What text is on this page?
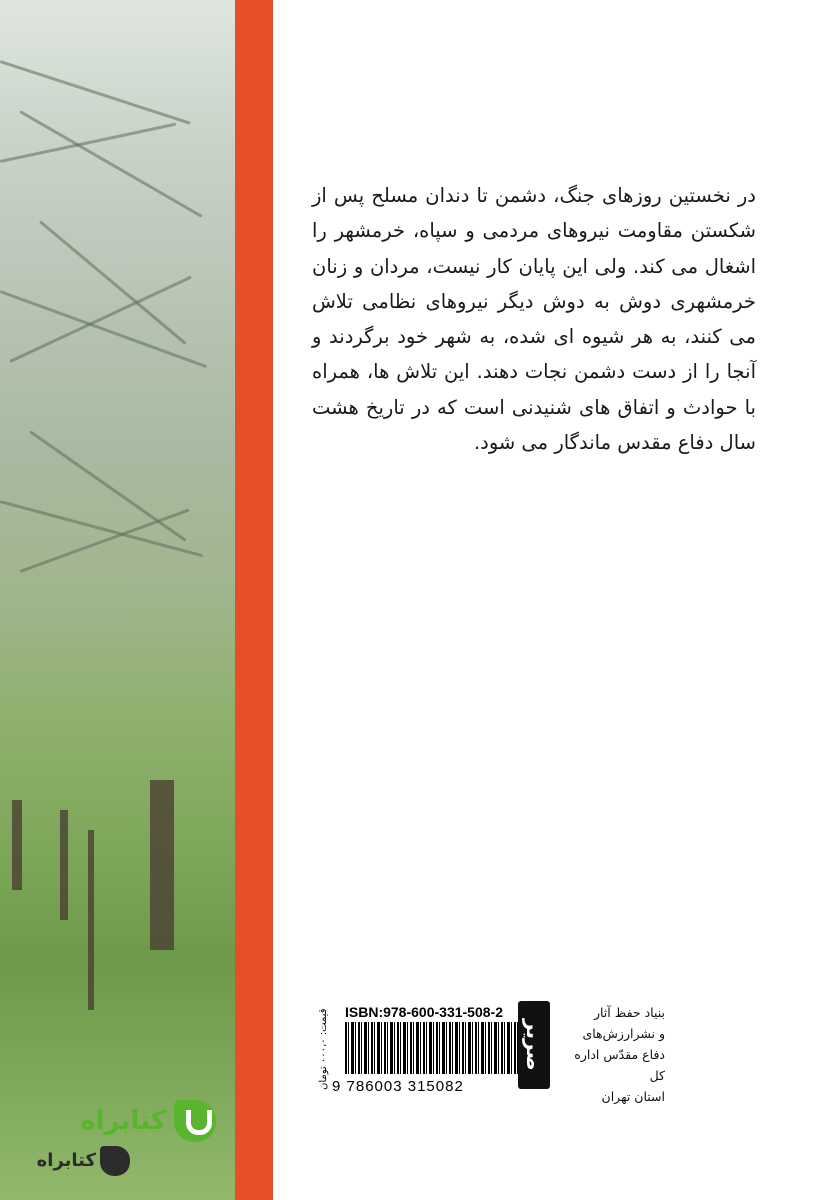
در نخستین روزهای جنگ، دشمن تا دندان مسلح پس از شکستن مقاومت نیروهای مردمی و سپاه، خرمشهر را اشغال می کند. ولی این پایان کار نیست، مردان و زنان خرمشهری دوش به دوش دیگر نیروهای نظامی تلاش می کنند، به هر شیوه ای شده، به شهر خود برگردند و آنجا را از دست دشمن نجات دهند. این تلاش ها، همراه با حوادث و اتفاق های شنیدنی است که در تاریخ هشت سال دفاع مقدس ماندگار می شود.
قیمت: ۰۰۰،۰ تومان	ISBN:978-600-331-508-2
9 786003 315082
صریر
بنیاد حفظ آثار
و نشرارزش‌های
دفاع مقدّس اداره کل
استان تهران
کتابراه
کتابراه
